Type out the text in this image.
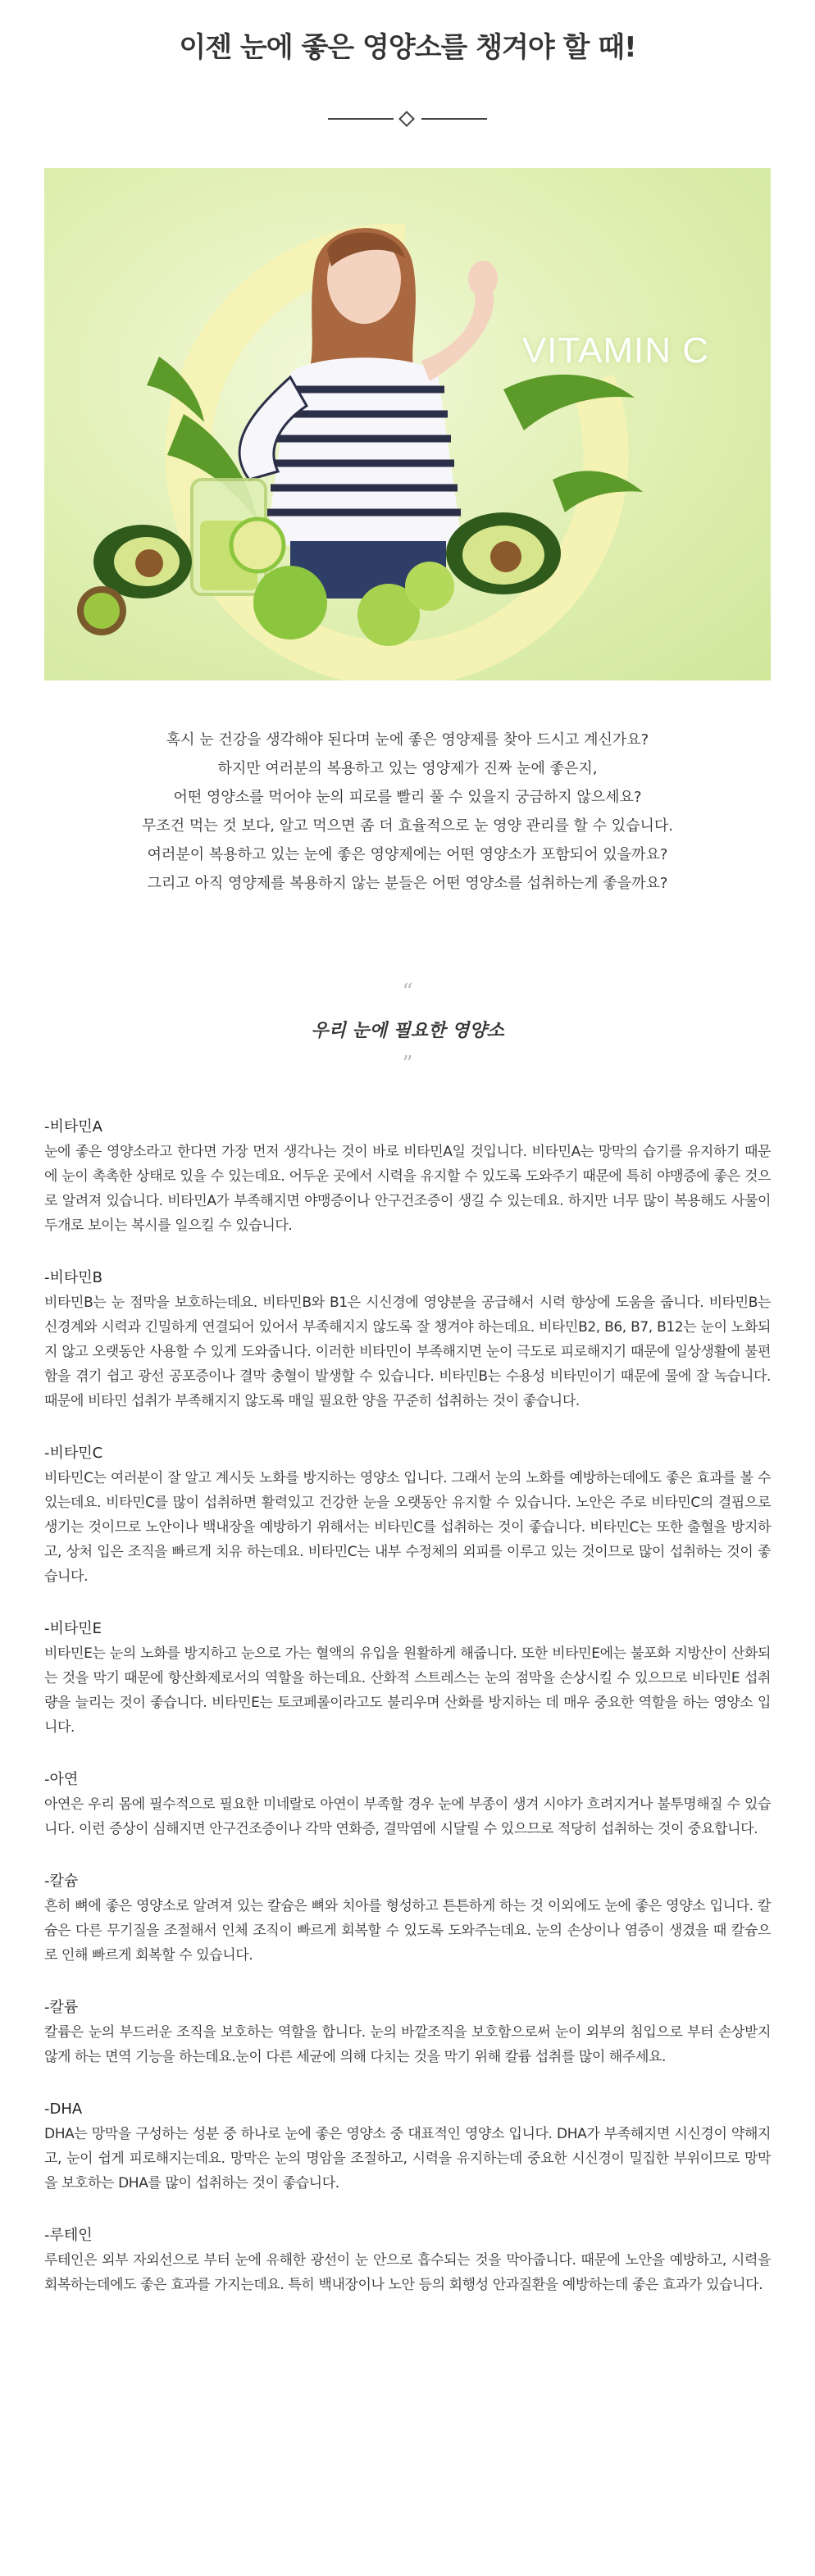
이젠 눈에 좋은 영양소를 챙겨야 할 때!
VITAMIN C

혹시 눈 건강을 생각해야 된다며 눈에 좋은 영양제를 찾아 드시고 계신가요?

하지만 여러분의 복용하고 있는 영양제가 진짜 눈에 좋은지,

어떤 영양소를 먹어야 눈의 피로를 빨리 풀 수 있을지 궁금하지 않으세요?

무조건 먹는 것 보다, 알고 먹으면 좀 더 효율적으로 눈 영양 관리를 할 수 있습니다.

여러분이 복용하고 있는 눈에 좋은 영양제에는 어떤 영양소가 포함되어 있을까요?

그리고 아직 영양제를 복용하지 않는 분들은 어떤 영양소를 섭취하는게 좋을까요?

“
우리 눈에 필요한 영양소
”
-비타민A

눈에 좋은 영양소라고 한다면 가장 먼저 생각나는 것이 바로 비타민A일 것입니다. 비타민A는 망막의 습기를 유지하기 때문에 눈이 촉촉한 상태로 있을 수 있는데요. 어두운 곳에서 시력을 유지할 수 있도록 도와주기 때문에 특히 야맹증에 좋은 것으로 알려져 있습니다. 비타민A가 부족해지면 야맹증이나 안구건조증이 생길 수 있는데요. 하지만 너무 많이 복용해도 사물이 두개로 보이는 복시를 일으킬 수 있습니다.

-비타민B

비타민B는 눈 점막을 보호하는데요. 비타민B와 B1은 시신경에 영양분을 공급해서 시력 향상에 도움을 줍니다. 비타민B는 신경계와 시력과 긴밀하게 연결되어 있어서 부족해지지 않도록 잘 챙겨야 하는데요. 비타민B2, B6, B7, B12는 눈이 노화되지 않고 오랫동안 사용할 수 있게 도와줍니다. 이러한 비타민이 부족해지면 눈이 극도로 피로해지기 때문에 일상생활에 불편함을 겪기 쉽고 광선 공포증이나 결막 충혈이 발생할 수 있습니다. 비타민B는 수용성 비타민이기 때문에 물에 잘 녹습니다. 때문에 비타민 섭취가 부족해지지 않도록 매일 필요한 양을 꾸준히 섭취하는 것이 좋습니다.

-비타민C

비타민C는 여러분이 잘 알고 계시듯 노화를 방지하는 영양소 입니다. 그래서 눈의 노화를 예방하는데에도 좋은 효과를 볼 수 있는데요. 비타민C를 많이 섭취하면 활력있고 건강한 눈을 오랫동안 유지할 수 있습니다. 노안은 주로 비타민C의 결핍으로 생기는 것이므로 노안이나 백내장을 예방하기 위해서는 비타민C를 섭취하는 것이 좋습니다. 비타민C는 또한 출혈을 방지하고, 상처 입은 조직을 빠르게 치유 하는데요. 비타민C는 내부 수정체의 외피를 이루고 있는 것이므로 많이 섭취하는 것이 좋습니다.

-비타민E

비타민E는 눈의 노화를 방지하고 눈으로 가는 혈액의 유입을 원활하게 해줍니다. 또한 비타민E에는 불포화 지방산이 산화되는 것을 막기 때문에 항산화제로서의 역할을 하는데요. 산화적 스트레스는 눈의 점막을 손상시킬 수 있으므로 비타민E 섭취량을 늘리는 것이 좋습니다. 비타민E는 토코페롤이라고도 불리우며 산화를 방지하는 데 매우 중요한 역할을 하는 영양소 입니다.

-아연

아연은 우리 몸에 필수적으로 필요한 미네랄로 아연이 부족할 경우 눈에 부종이 생겨 시야가 흐려지거나 불투명해질 수 있습니다. 이런 증상이 심해지면 안구건조증이나 각막 연화증, 결막염에 시달릴 수 있으므로 적당히 섭취하는 것이 중요합니다.

-칼슘

흔히 뼈에 좋은 영양소로 알려져 있는 칼슘은 뼈와 치아를 형성하고 튼튼하게 하는 것 이외에도 눈에 좋은 영양소 입니다. 칼슘은 다른 무기질을 조절해서 인체 조직이 빠르게 회복할 수 있도록 도와주는데요. 눈의 손상이나 염증이 생겼을 때 칼슘으로 인해 빠르게 회복할 수 있습니다.

-칼륨

칼륨은 눈의 부드러운 조직을 보호하는 역할을 합니다. 눈의 바깥조직을 보호함으로써 눈이 외부의 침입으로 부터 손상받지 않게 하는 면역 기능을 하는데요.눈이 다른 세균에 의해 다치는 것을 막기 위해 칼륨 섭취를 많이 해주세요.

-DHA

DHA는 망막을 구성하는 성분 중 하나로 눈에 좋은 영양소 중 대표적인 영양소 입니다. DHA가 부족해지면 시신경이 약해지고, 눈이 쉽게 피로해지는데요. 망막은 눈의 명암을 조절하고, 시력을 유지하는데 중요한 시신경이 밀집한 부위이므로 망막을 보호하는 DHA를 많이 섭취하는 것이 좋습니다.

-루테인

루테인은 외부 자외선으로 부터 눈에 유해한 광선이 눈 안으로 흡수되는 것을 막아줍니다. 때문에 노안을 예방하고, 시력을 회복하는데에도 좋은 효과를 가지는데요. 특히 백내장이나 노안 등의 회행성 안과질환을 예방하는데 좋은 효과가 있습니다.
